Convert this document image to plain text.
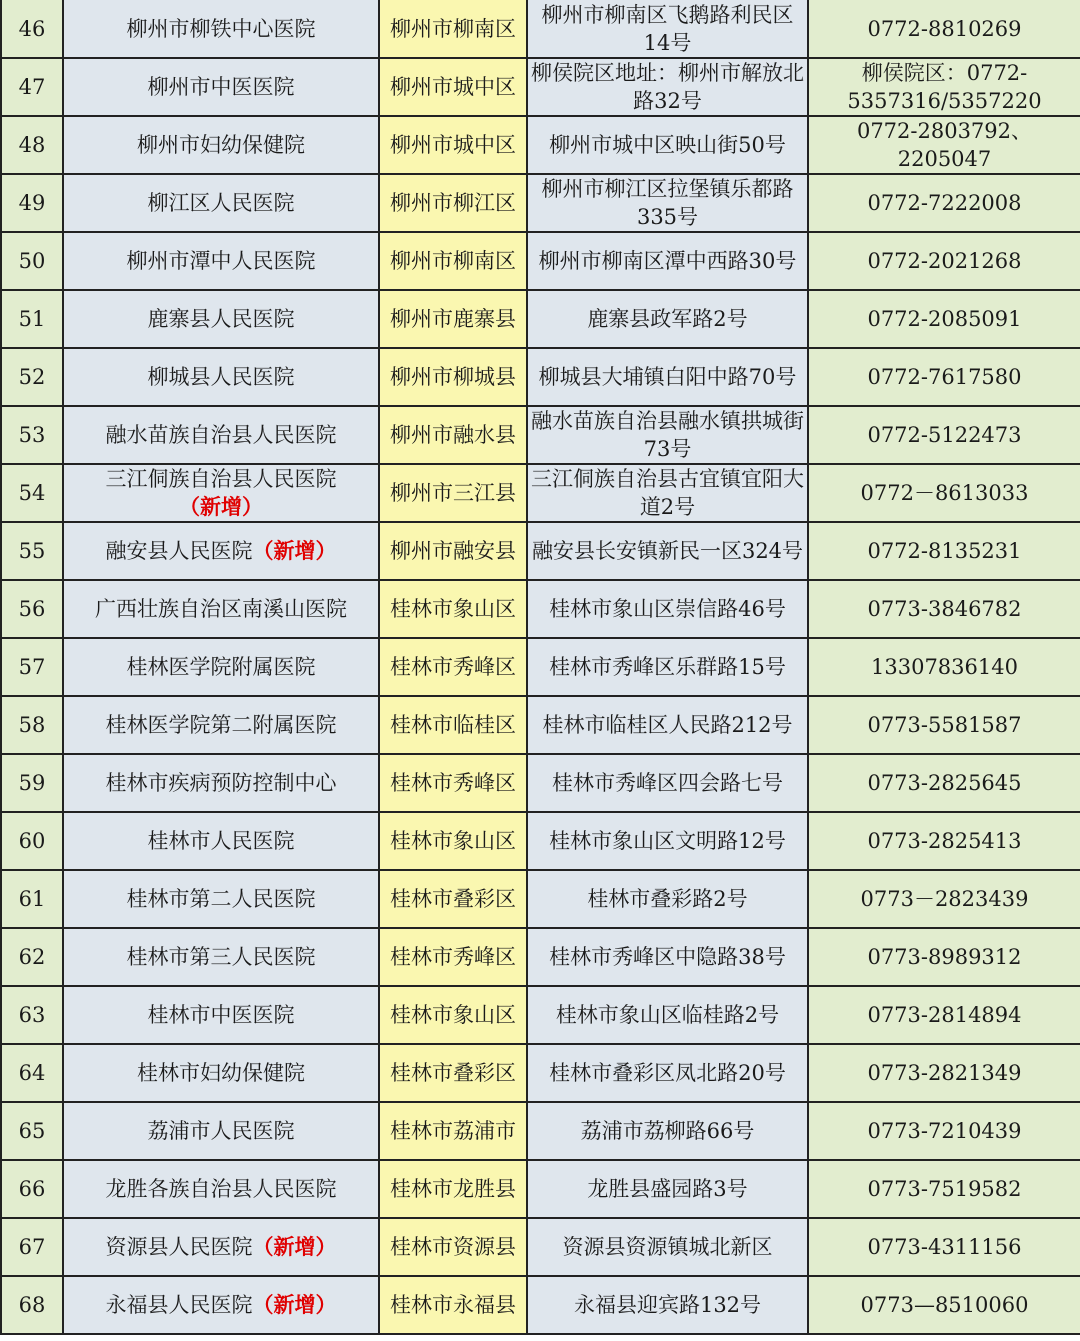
46	柳州市柳铁中心医院	柳州市柳南区	柳州市柳南区飞鹅路利民区14号	0772-8810269
47	柳州市中医医院	柳州市城中区	柳侯院区地址：柳州市解放北路32号	柳侯院区：0772-5357316/5357220
48	柳州市妇幼保健院	柳州市城中区	柳州市城中区映山街50号	0772-2803792、2205047
49	柳江区人民医院	柳州市柳江区	柳州市柳江区拉堡镇乐都路335号	0772-7222008
50	柳州市潭中人民医院	柳州市柳南区	柳州市柳南区潭中西路30号	0772-2021268
51	鹿寨县人民医院	柳州市鹿寨县	鹿寨县政军路2号	0772-2085091
52	柳城县人民医院	柳州市柳城县	柳城县大埔镇白阳中路70号	0772-7617580
53	融水苗族自治县人民医院	柳州市融水县	融水苗族自治县融水镇拱城街73号	0772-5122473
54	三江侗族自治县人民医院（新增）	柳州市三江县	三江侗族自治县古宜镇宜阳大道2号	0772－8613033
55	融安县人民医院（新增）	柳州市融安县	融安县长安镇新民一区324号	0772-8135231
56	广西壮族自治区南溪山医院	桂林市象山区	桂林市象山区崇信路46号	0773-3846782
57	桂林医学院附属医院	桂林市秀峰区	桂林市秀峰区乐群路15号	13307836140
58	桂林医学院第二附属医院	桂林市临桂区	桂林市临桂区人民路212号	0773-5581587
59	桂林市疾病预防控制中心	桂林市秀峰区	桂林市秀峰区四会路七号	0773-2825645
60	桂林市人民医院	桂林市象山区	桂林市象山区文明路12号	0773-2825413
61	桂林市第二人民医院	桂林市叠彩区	桂林市叠彩路2号	0773－2823439
62	桂林市第三人民医院	桂林市秀峰区	桂林市秀峰区中隐路38号	0773-8989312
63	桂林市中医医院	桂林市象山区	桂林市象山区临桂路2号	0773-2814894
64	桂林市妇幼保健院	桂林市叠彩区	桂林市叠彩区凤北路20号	0773-2821349
65	荔浦市人民医院	桂林市荔浦市	荔浦市荔柳路66号	0773-7210439
66	龙胜各族自治县人民医院	桂林市龙胜县	龙胜县盛园路3号	0773-7519582
67	资源县人民医院（新增）	桂林市资源县	资源县资源镇城北新区	0773-4311156
68	永福县人民医院（新增）	桂林市永福县	永福县迎宾路132号	0773—8510060
